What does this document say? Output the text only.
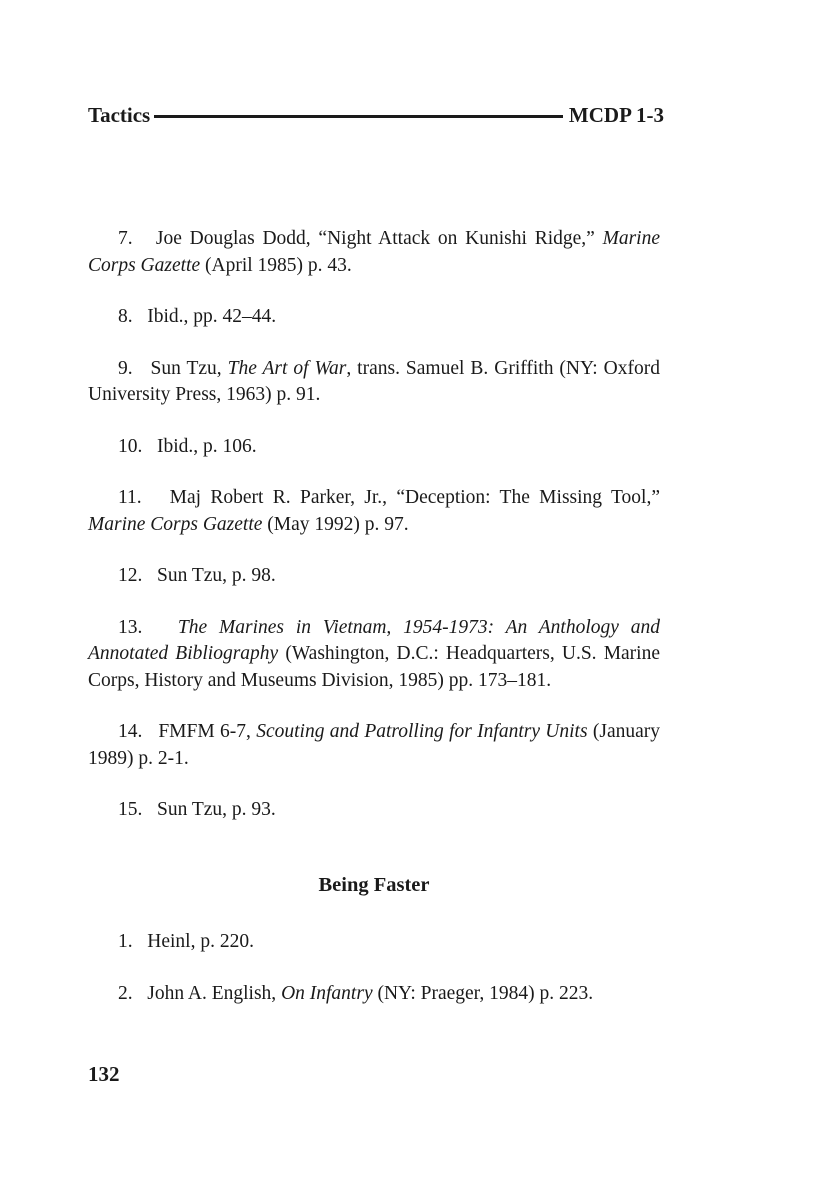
Tactics	MCDP 1-3

7. Joe Douglas Dodd, “Night Attack on Kunishi Ridge,” Marine Corps Gazette (April 1985) p. 43.

8. Ibid., pp. 42–44.

9. Sun Tzu, The Art of War, trans. Samuel B. Griffith (NY: Oxford University Press, 1963) p. 91.

10. Ibid., p. 106.

11. Maj Robert R. Parker, Jr., “Deception: The Missing Tool,” Marine Corps Gazette (May 1992) p. 97.

12. Sun Tzu, p. 98.

13. The Marines in Vietnam, 1954-1973: An Anthology and Annotated Bibliography (Washington, D.C.: Headquarters, U.S. Marine Corps, History and Museums Division, 1985) pp. 173–181.

14. FMFM 6-7, Scouting and Patrolling for Infantry Units (January 1989) p. 2-1.

15. Sun Tzu, p. 93.

Being Faster

1. Heinl, p. 220.

2. John A. English, On Infantry (NY: Praeger, 1984) p. 223.

132
